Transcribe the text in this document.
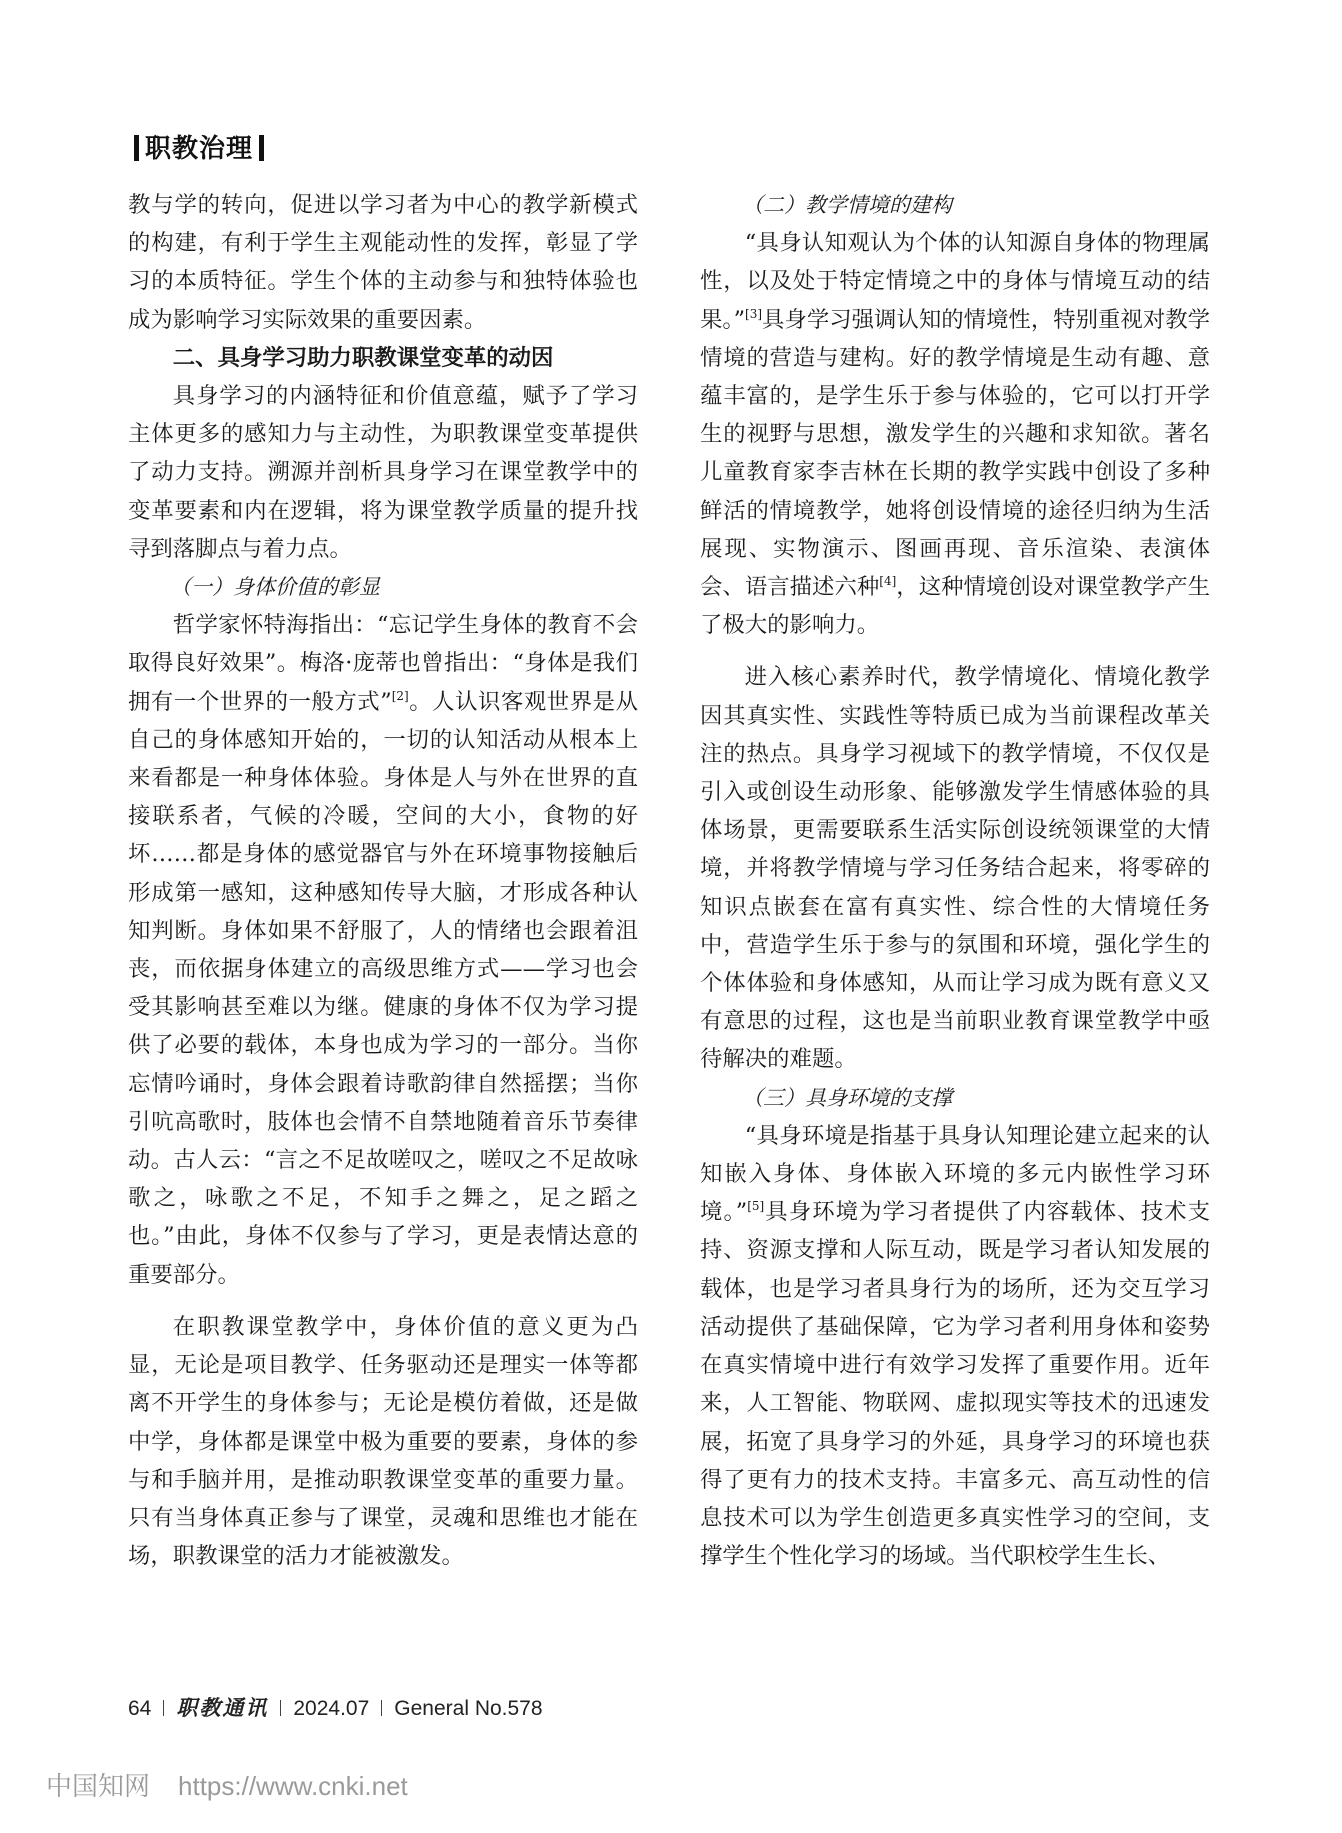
职教治理

教与学的转向，促进以学习者为中心的教学新模式的构建，有利于学生主观能动性的发挥，彰显了学习的本质特征。学生个体的主动参与和独特体验也成为影响学习实际效果的重要因素。

二、具身学习助力职教课堂变革的动因

具身学习的内涵特征和价值意蕴，赋予了学习主体更多的感知力与主动性，为职教课堂变革提供了动力支持。溯源并剖析具身学习在课堂教学中的变革要素和内在逻辑，将为课堂教学质量的提升找寻到落脚点与着力点。

（一）身体价值的彰显

哲学家怀特海指出：“忘记学生身体的教育不会取得良好效果”。梅洛·庞蒂也曾指出：“身体是我们拥有一个世界的一般方式”[2]。人认识客观世界是从自己的身体感知开始的，一切的认知活动从根本上来看都是一种身体体验。身体是人与外在世界的直接联系者，气候的冷暖，空间的大小，食物的好坏……都是身体的感觉器官与外在环境事物接触后形成第一感知，这种感知传导大脑，才形成各种认知判断。身体如果不舒服了，人的情绪也会跟着沮丧，而依据身体建立的高级思维方式——学习也会受其影响甚至难以为继。健康的身体不仅为学习提供了必要的载体，本身也成为学习的一部分。当你忘情吟诵时，身体会跟着诗歌韵律自然摇摆；当你引吭高歌时，肢体也会情不自禁地随着音乐节奏律动。古人云：“言之不足故嗟叹之，嗟叹之不足故咏歌之，咏歌之不足，不知手之舞之，足之蹈之也。”由此，身体不仅参与了学习，更是表情达意的重要部分。

在职教课堂教学中，身体价值的意义更为凸显，无论是项目教学、任务驱动还是理实一体等都离不开学生的身体参与；无论是模仿着做，还是做中学，身体都是课堂中极为重要的要素，身体的参与和手脑并用，是推动职教课堂变革的重要力量。只有当身体真正参与了课堂，灵魂和思维也才能在场，职教课堂的活力才能被激发。

（二）教学情境的建构

“具身认知观认为个体的认知源自身体的物理属性，以及处于特定情境之中的身体与情境互动的结果。”[3]具身学习强调认知的情境性，特别重视对教学情境的营造与建构。好的教学情境是生动有趣、意蕴丰富的，是学生乐于参与体验的，它可以打开学生的视野与思想，激发学生的兴趣和求知欲。著名儿童教育家李吉林在长期的教学实践中创设了多种鲜活的情境教学，她将创设情境的途径归纳为生活展现、实物演示、图画再现、音乐渲染、表演体会、语言描述六种[4]，这种情境创设对课堂教学产生了极大的影响力。

进入核心素养时代，教学情境化、情境化教学因其真实性、实践性等特质已成为当前课程改革关注的热点。具身学习视域下的教学情境，不仅仅是引入或创设生动形象、能够激发学生情感体验的具体场景，更需要联系生活实际创设统领课堂的大情境，并将教学情境与学习任务结合起来，将零碎的知识点嵌套在富有真实性、综合性的大情境任务中，营造学生乐于参与的氛围和环境，强化学生的个体体验和身体感知，从而让学习成为既有意义又有意思的过程，这也是当前职业教育课堂教学中亟待解决的难题。

（三）具身环境的支撑

“具身环境是指基于具身认知理论建立起来的认知嵌入身体、身体嵌入环境的多元内嵌性学习环境。”[5]具身环境为学习者提供了内容载体、技术支持、资源支撑和人际互动，既是学习者认知发展的载体，也是学习者具身行为的场所，还为交互学习活动提供了基础保障，它为学习者利用身体和姿势在真实情境中进行有效学习发挥了重要作用。近年来，人工智能、物联网、虚拟现实等技术的迅速发展，拓宽了具身学习的外延，具身学习的环境也获得了更有力的技术支持。丰富多元、高互动性的信息技术可以为学生创造更多真实性学习的空间，支撑学生个性化学习的场域。当代职校学生生长、

64 职教通讯 2024.07 General No.578
中国知网 https://www.cnki.net
